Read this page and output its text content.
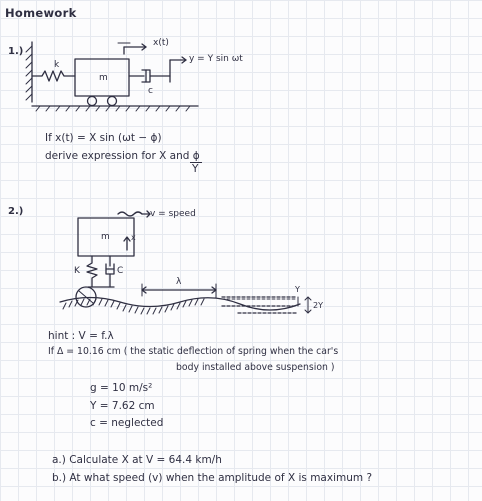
Homework
1.)
x(t)
y = Y sin ωt
k
m
c
If x(t) = X sin (ωt − ϕ)
derive expression for X and ϕ
Y
2.)	v = speed
m	x
K	C
λ
Y
2Y
hint : V = f.λ
If Δ = 10.16 cm ( the static deflection of spring when the car's
body installed above suspension )
g = 10 m/s²
Y = 7.62 cm
c = neglected
a.) Calculate X at V = 64.4 km/h
b.) At what speed (v) when the amplitude of X is maximum ?
